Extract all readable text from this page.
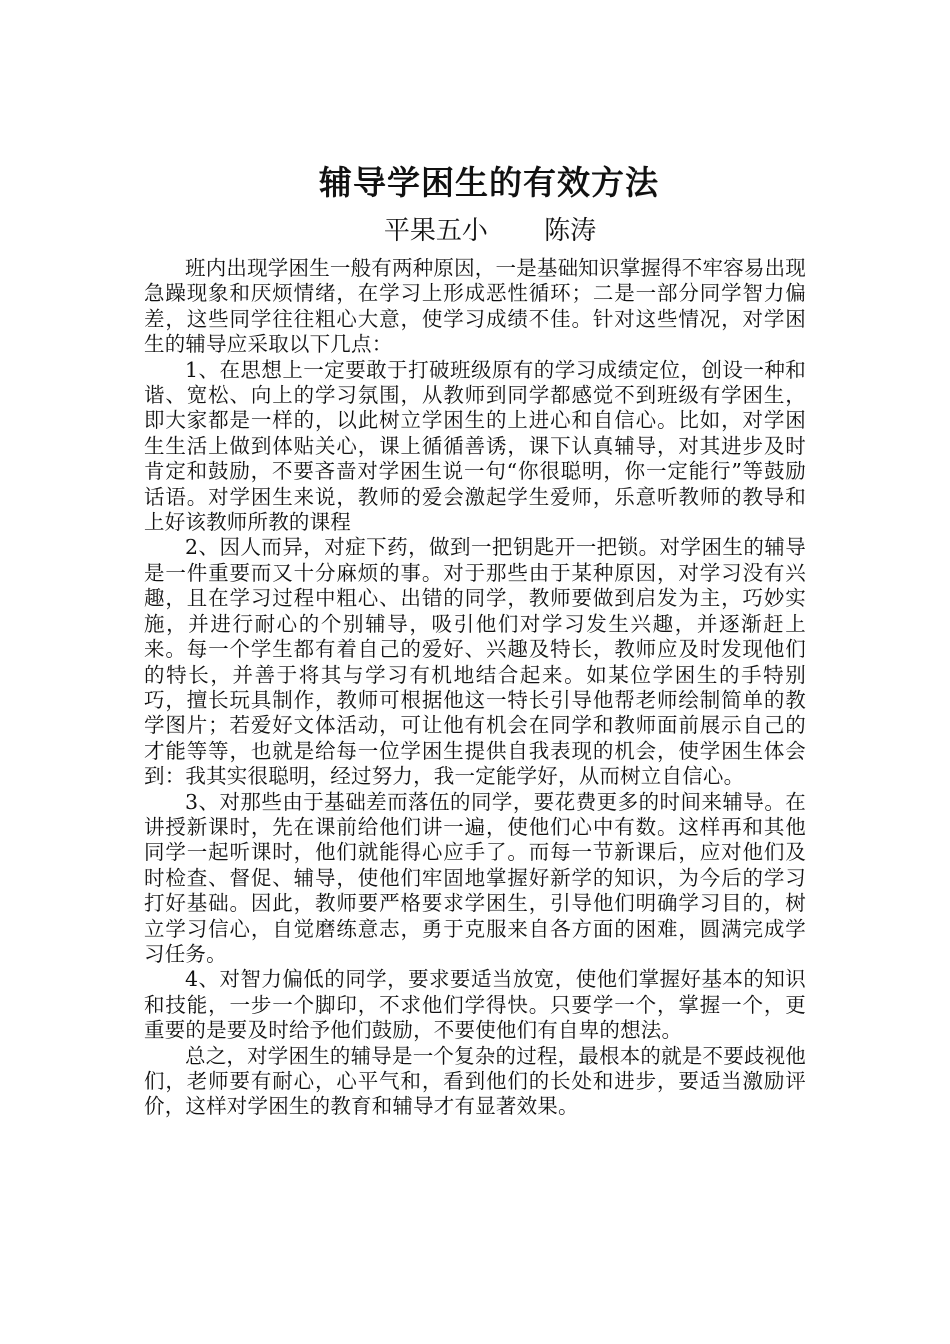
辅导学困生的有效方法
平果五小 陈涛

班内出现学困生一般有两种原因，一是基础知识掌握得不牢容易出现急躁现象和厌烦情绪，在学习上形成恶性循环；二是一部分同学智力偏差，这些同学往往粗心大意，使学习成绩不佳。针对这些情况，对学困生的辅导应采取以下几点：

1、在思想上一定要敢于打破班级原有的学习成绩定位，创设一种和谐、宽松、向上的学习氛围，从教师到同学都感觉不到班级有学困生，即大家都是一样的，以此树立学困生的上进心和自信心。比如，对学困生生活上做到体贴关心，课上循循善诱，课下认真辅导，对其进步及时肯定和鼓励，不要吝啬对学困生说一句“你很聪明，你一定能行”等鼓励话语。对学困生来说，教师的爱会激起学生爱师，乐意听教师的教导和上好该教师所教的课程

2、因人而异，对症下药，做到一把钥匙开一把锁。对学困生的辅导是一件重要而又十分麻烦的事。对于那些由于某种原因，对学习没有兴趣，且在学习过程中粗心、出错的同学，教师要做到启发为主，巧妙实施，并进行耐心的个别辅导，吸引他们对学习发生兴趣，并逐渐赶上来。每一个学生都有着自己的爱好、兴趣及特长，教师应及时发现他们的特长，并善于将其与学习有机地结合起来。如某位学困生的手特别巧，擅长玩具制作，教师可根据他这一特长引导他帮老师绘制简单的教学图片；若爱好文体活动，可让他有机会在同学和教师面前展示自己的才能等等，也就是给每一位学困生提供自我表现的机会，使学困生体会到：我其实很聪明，经过努力，我一定能学好，从而树立自信心。

3、对那些由于基础差而落伍的同学，要花费更多的时间来辅导。在讲授新课时，先在课前给他们讲一遍，使他们心中有数。这样再和其他同学一起听课时，他们就能得心应手了。而每一节新课后，应对他们及时检查、督促、辅导，使他们牢固地掌握好新学的知识，为今后的学习打好基础。因此，教师要严格要求学困生，引导他们明确学习目的，树立学习信心，自觉磨练意志，勇于克服来自各方面的困难，圆满完成学习任务。

4、对智力偏低的同学，要求要适当放宽，使他们掌握好基本的知识和技能，一步一个脚印，不求他们学得快。只要学一个，掌握一个，更重要的是要及时给予他们鼓励，不要使他们有自卑的想法。

总之，对学困生的辅导是一个复杂的过程，最根本的就是不要歧视他们，老师要有耐心，心平气和，看到他们的长处和进步，要适当激励评价，这样对学困生的教育和辅导才有显著效果。
